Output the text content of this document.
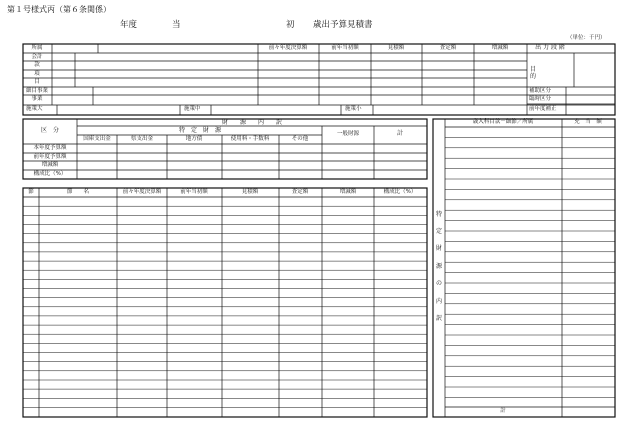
第１号様式丙（第６条関係）
年度	当	初 歳出予算見積書
（単位：千円）
所属	前々年度決算額	前年当初額	見積額	査定額	増減額	出 力 段 階
会計
款
項
目
細目事業
事業
目的
補助区分
臨時区分
前年度補正
施策大	施策中	施策小
区　分
財　　源　　内　　訳
特　定　財　源
国庫支出金	県支出金	地方債	使用料・手数料	その他
一般財源	計
本年度予算額
前年度予算額
増減額
構成比（%）
節	節　　名	前々年度決算額	前年当初額	見積額	査定額	増減額	構成比（%）
歳入科目款－細節／所属	充　当　額
計
特
定
財
源
の
内
訳
